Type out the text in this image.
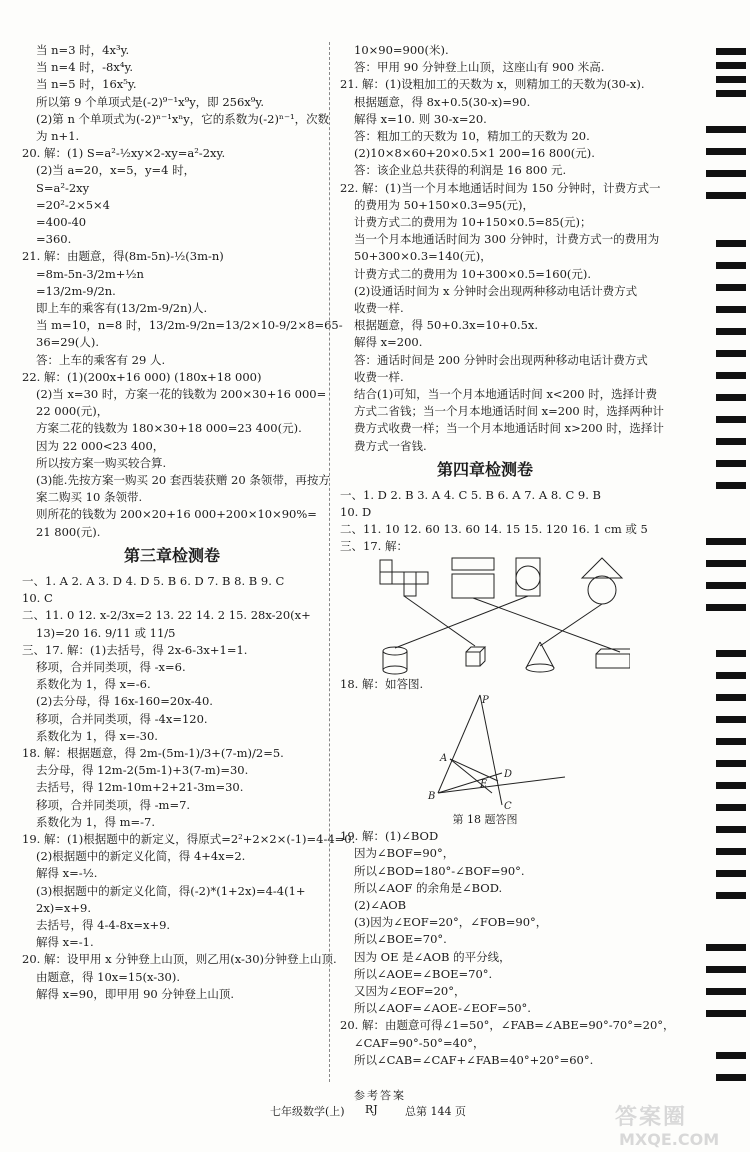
当 n=3 时，4x³y.
当 n=4 时，-8x⁴y.
当 n=5 时，16x⁵y.
所以第 9 个单项式是(-2)⁹⁻¹x⁹y，即 256x⁹y.
(2)第 n 个单项式为(-2)ⁿ⁻¹xⁿy，它的系数为(-2)ⁿ⁻¹，次数
为 n+1.
20. 解：(1) S=a²-½xy×2-xy=a²-2xy.
(2)当 a=20，x=5，y=4 时，
S=a²-2xy
=20²-2×5×4
=400-40
=360.
21. 解：由题意，得(8m-5n)-½(3m-n)
=8m-5n-3/2m+½n
=13/2m-9/2n.
即上车的乘客有(13/2m-9/2n)人.
当 m=10，n=8 时，13/2m-9/2n=13/2×10-9/2×8=65-
36=29(人).
答：上车的乘客有 29 人.
22. 解：(1)(200x+16 000) (180x+18 000)
(2)当 x=30 时，方案一花的钱数为 200×30+16 000=
22 000(元)，
方案二花的钱数为 180×30+18 000=23 400(元).
因为 22 000<23 400，
所以按方案一购买较合算.
(3)能.先按方案一购买 20 套西装获赠 20 条领带，再按方
案二购买 10 条领带.
则所花的钱数为 200×20+16 000+200×10×90%=
21 800(元).
第三章检测卷
一、1. A 2. A 3. D 4. D 5. B 6. D 7. B 8. B 9. C
10. C
二、11. 0 12. x-2/3x=2 13. 22 14. 2 15. 28x-20(x+
13)=20 16. 9/11 或 11/5
三、17. 解：(1)去括号，得 2x-6-3x+1=1.
移项，合并同类项，得 -x=6.
系数化为 1，得 x=-6.
(2)去分母，得 16x-160=20x-40.
移项，合并同类项，得 -4x=120.
系数化为 1，得 x=-30.
18. 解：根据题意，得 2m-(5m-1)/3+(7-m)/2=5.
去分母，得 12m-2(5m-1)+3(7-m)=30.
去括号，得 12m-10m+2+21-3m=30.
移项，合并同类项，得 -m=7.
系数化为 1，得 m=-7.
19. 解：(1)根据题中的新定义，得原式=2²+2×2×(-1)=4-4=0.
(2)根据题中的新定义化简，得 4+4x=2.
解得 x=-½.
(3)根据题中的新定义化简，得(-2)*(1+2x)=4-4(1+
2x)=x+9.
去括号，得 4-4-8x=x+9.
解得 x=-1.
20. 解：设甲用 x 分钟登上山顶，则乙用(x-30)分钟登上山顶.
由题意，得 10x=15(x-30).
解得 x=90，即甲用 90 分钟登上山顶.
10×90=900(米).
答：甲用 90 分钟登上山顶，这座山有 900 米高.
21. 解：(1)设粗加工的天数为 x，则精加工的天数为(30-x).
根据题意，得 8x+0.5(30-x)=90.
解得 x=10. 则 30-x=20.
答：粗加工的天数为 10，精加工的天数为 20.
(2)10×8×60+20×0.5×1 200=16 800(元).
答：该企业总共获得的利润是 16 800 元.
22. 解：(1)当一个月本地通话时间为 150 分钟时，计费方式一
的费用为 50+150×0.3=95(元)，
计费方式二的费用为 10+150×0.5=85(元)；
当一个月本地通话时间为 300 分钟时，计费方式一的费用为
50+300×0.3=140(元)，
计费方式二的费用为 10+300×0.5=160(元).
(2)设通话时间为 x 分钟时会出现两种移动电话计费方式
收费一样.
根据题意，得 50+0.3x=10+0.5x.
解得 x=200.
答：通话时间是 200 分钟时会出现两种移动电话计费方式
收费一样.
结合(1)可知，当一个月本地通话时间 x<200 时，选择计费
方式二省钱；当一个月本地通话时间 x=200 时，选择两种计
费方式收费一样；当一个月本地通话时间 x>200 时，选择计
费方式一省钱.
第四章检测卷
一、1. D 2. B 3. A 4. C 5. B 6. A 7. A 8. C 9. B
10. D
二、11. 10 12. 60 13. 60 14. 15 15. 120 16. 1 cm 或 5
三、17. 解：
18. 解：如答图.
P
A
D
E
B
C
第 18 题答图
19. 解：(1)∠BOD
因为∠BOF=90°，
所以∠BOD=180°-∠BOF=90°.
所以∠AOF 的余角是∠BOD.
(2)∠AOB
(3)因为∠EOF=20°，∠FOB=90°，
所以∠BOE=70°.
因为 OE 是∠AOB 的平分线，
所以∠AOE=∠BOE=70°.
又因为∠EOF=20°，
所以∠AOF=∠AOE-∠EOF=50°.
20. 解：由题意可得∠1=50°，∠FAB=∠ABE=90°-70°=20°，
∠CAF=90°-50°=40°，
所以∠CAB=∠CAF+∠FAB=40°+20°=60°.
参考答案
七年级数学(上) RJ 总第 144 页	答案圈
MXQE.COM
